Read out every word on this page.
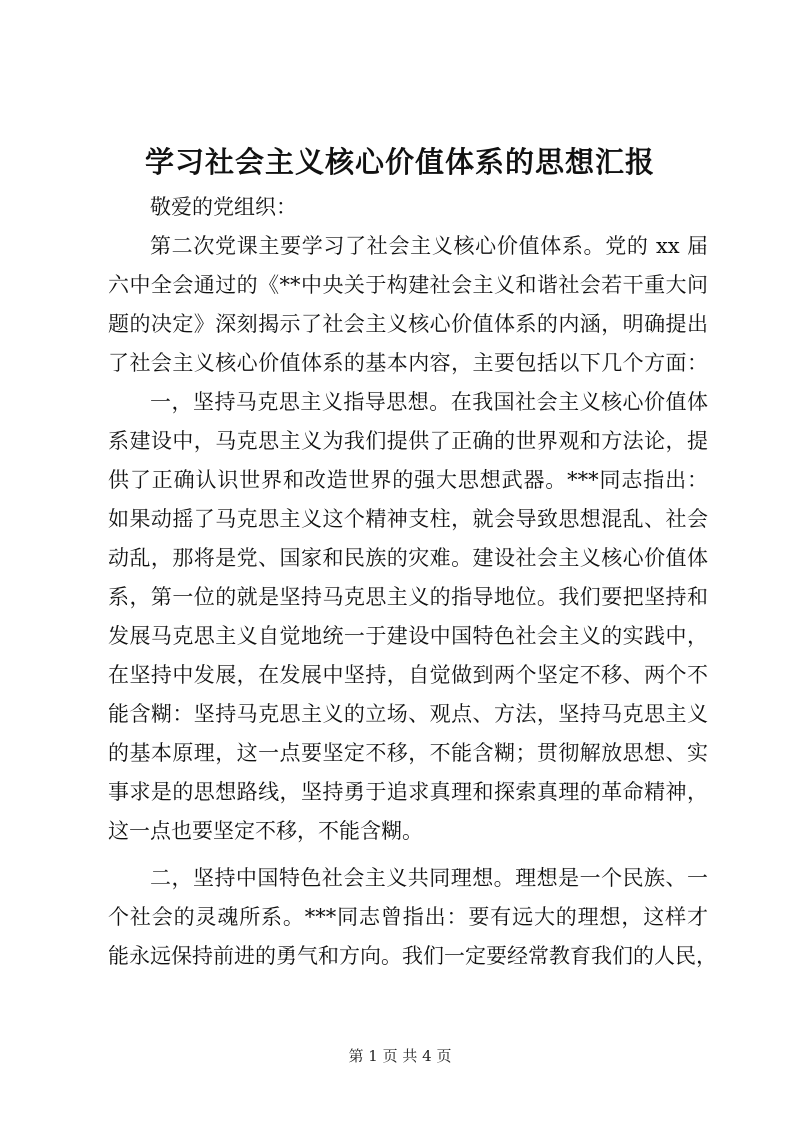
学习社会主义核心价值体系的思想汇报
敬爱的党组织：
第二次党课主要学习了社会主义核心价值体系。党的 xx 届
六中全会通过的《**中央关于构建社会主义和谐社会若干重大问
题的决定》深刻揭示了社会主义核心价值体系的内涵，明确提出
了社会主义核心价值体系的基本内容，主要包括以下几个方面：
一，坚持马克思主义指导思想。在我国社会主义核心价值体
系建设中，马克思主义为我们提供了正确的世界观和方法论，提
供了正确认识世界和改造世界的强大思想武器。***同志指出：
如果动摇了马克思主义这个精神支柱，就会导致思想混乱、社会
动乱，那将是党、国家和民族的灾难。建设社会主义核心价值体
系，第一位的就是坚持马克思主义的指导地位。我们要把坚持和
发展马克思主义自觉地统一于建设中国特色社会主义的实践中，
在坚持中发展，在发展中坚持，自觉做到两个坚定不移、两个不
能含糊：坚持马克思主义的立场、观点、方法，坚持马克思主义
的基本原理，这一点要坚定不移，不能含糊；贯彻解放思想、实
事求是的思想路线，坚持勇于追求真理和探索真理的革命精神，
这一点也要坚定不移，不能含糊。
二，坚持中国特色社会主义共同理想。理想是一个民族、一
个社会的灵魂所系。***同志曾指出：要有远大的理想，这样才
能永远保持前进的勇气和方向。我们一定要经常教育我们的人民，
第 1 页 共 4 页
